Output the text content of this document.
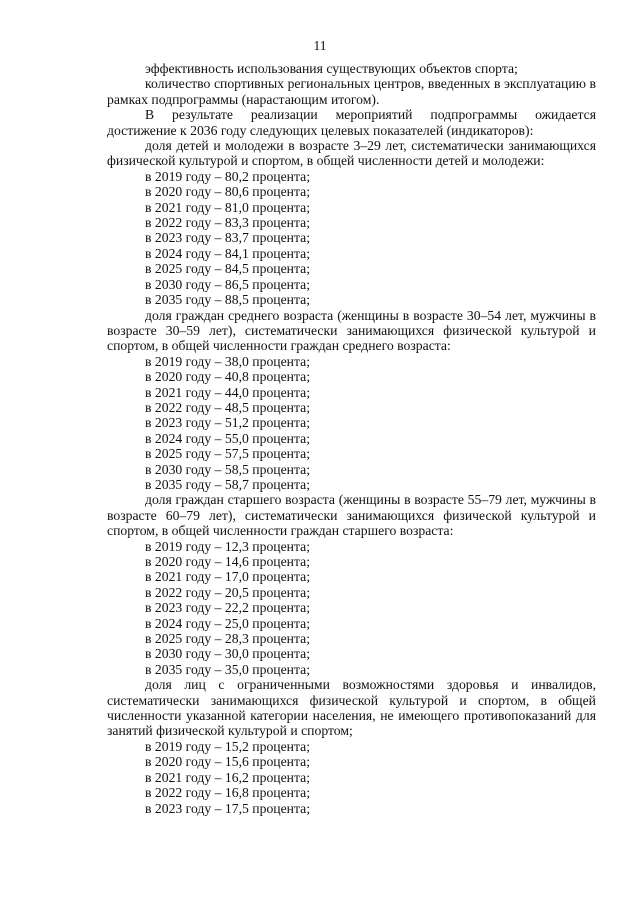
11

эффективность использования существующих объектов спорта;

количество спортивных региональных центров, введенных в эксплуатацию в рамках подпрограммы (нарастающим итогом).

В результате реализации мероприятий подпрограммы ожидается достижение к 2036 году следующих целевых показателей (индикаторов):

доля детей и молодежи в возрасте 3–29 лет, систематически занимающихся физической культурой и спортом, в общей численности детей и молодежи:

в 2019 году – 80,2 процента;

в 2020 году – 80,6 процента;

в 2021 году – 81,0 процента;

в 2022 году – 83,3 процента;

в 2023 году – 83,7 процента;

в 2024 году – 84,1 процента;

в 2025 году – 84,5 процента;

в 2030 году – 86,5 процента;

в 2035 году – 88,5 процента;

доля граждан среднего возраста (женщины в возрасте 30–54 лет, мужчины в возрасте 30–59 лет), систематически занимающихся физической культурой и спортом, в общей численности граждан среднего возраста:

в 2019 году – 38,0 процента;

в 2020 году – 40,8 процента;

в 2021 году – 44,0 процента;

в 2022 году – 48,5 процента;

в 2023 году – 51,2 процента;

в 2024 году – 55,0 процента;

в 2025 году – 57,5 процента;

в 2030 году – 58,5 процента;

в 2035 году – 58,7 процента;

доля граждан старшего возраста (женщины в возрасте 55–79 лет, мужчины в возрасте 60–79 лет), систематически занимающихся физической культурой и спортом, в общей численности граждан старшего возраста:

в 2019 году – 12,3 процента;

в 2020 году – 14,6 процента;

в 2021 году – 17,0 процента;

в 2022 году – 20,5 процента;

в 2023 году – 22,2 процента;

в 2024 году – 25,0 процента;

в 2025 году – 28,3 процента;

в 2030 году – 30,0 процента;

в 2035 году – 35,0 процента;

доля лиц с ограниченными возможностями здоровья и инвалидов, систематически занимающихся физической культурой и спортом, в общей численности указанной категории населения, не имеющего противопоказаний для занятий физической культурой и спортом;

в 2019 году – 15,2 процента;

в 2020 году – 15,6 процента;

в 2021 году – 16,2 процента;

в 2022 году – 16,8 процента;

в 2023 году – 17,5 процента;
